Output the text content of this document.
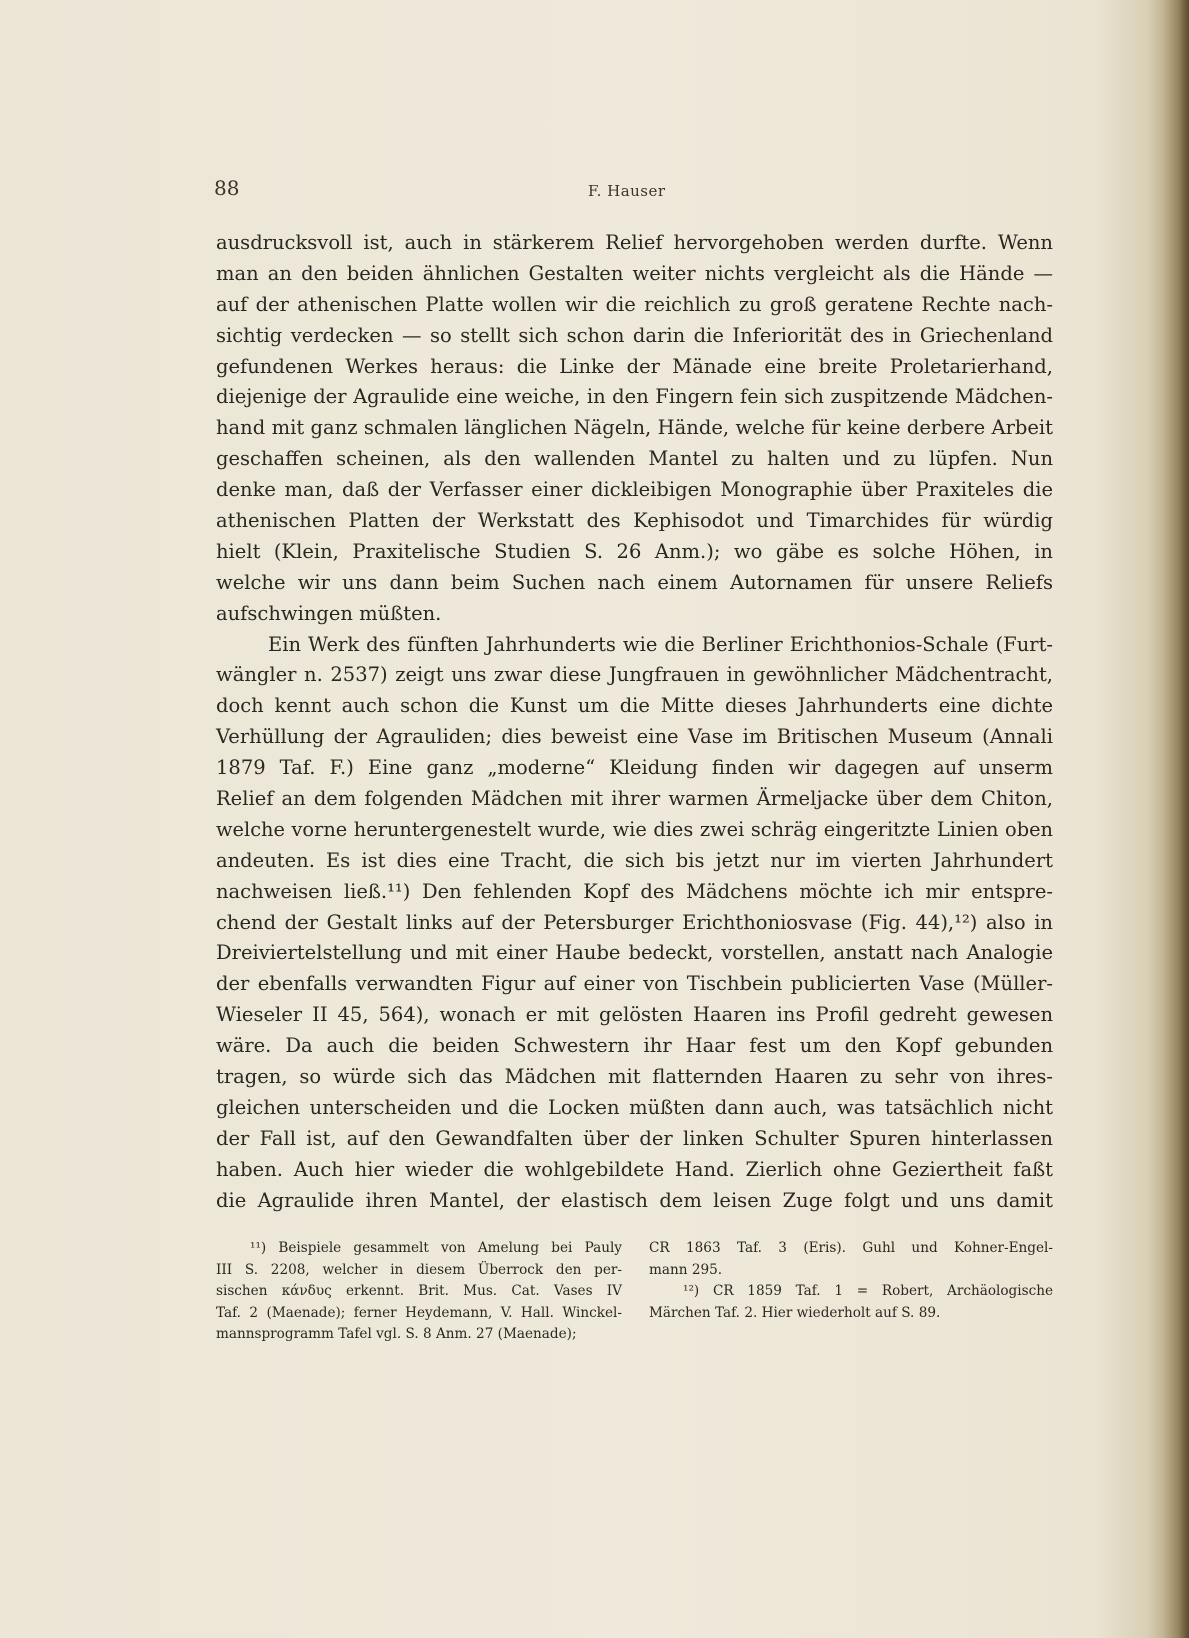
88	F. Hauser
ausdrucksvoll ist, auch in stärkerem Relief hervorgehoben werden durfte. Wenn
man an den beiden ähnlichen Gestalten weiter nichts vergleicht als die Hände —
auf der athenischen Platte wollen wir die reichlich zu groß geratene Rechte nach-
sichtig verdecken — so stellt sich schon darin die Inferiorität des in Griechenland
gefundenen Werkes heraus: die Linke der Mänade eine breite Proletarierhand,
diejenige der Agraulide eine weiche, in den Fingern fein sich zuspitzende Mädchen-
hand mit ganz schmalen länglichen Nägeln, Hände, welche für keine derbere Arbeit
geschaffen scheinen, als den wallenden Mantel zu halten und zu lüpfen. Nun
denke man, daß der Verfasser einer dickleibigen Monographie über Praxiteles die
athenischen Platten der Werkstatt des Kephisodot und Timarchides für würdig
hielt (Klein, Praxitelische Studien S. 26 Anm.); wo gäbe es solche Höhen, in
welche wir uns dann beim Suchen nach einem Autornamen für unsere Reliefs
aufschwingen müßten.
Ein Werk des fünften Jahrhunderts wie die Berliner Erichthonios-Schale (Furt-
wängler n. 2537) zeigt uns zwar diese Jungfrauen in gewöhnlicher Mädchentracht,
doch kennt auch schon die Kunst um die Mitte dieses Jahrhunderts eine dichte
Verhüllung der Agrauliden; dies beweist eine Vase im Britischen Museum (Annali
1879 Taf. F.) Eine ganz „moderne“ Kleidung finden wir dagegen auf unserm
Relief an dem folgenden Mädchen mit ihrer warmen Ärmeljacke über dem Chiton,
welche vorne heruntergenestelt wurde, wie dies zwei schräg eingeritzte Linien oben
andeuten. Es ist dies eine Tracht, die sich bis jetzt nur im vierten Jahrhundert
nachweisen ließ.¹¹) Den fehlenden Kopf des Mädchens möchte ich mir entspre-
chend der Gestalt links auf der Petersburger Erichthoniosvase (Fig. 44),¹²) also in
Dreiviertelstellung und mit einer Haube bedeckt, vorstellen, anstatt nach Analogie
der ebenfalls verwandten Figur auf einer von Tischbein publicierten Vase (Müller-
Wieseler II 45, 564), wonach er mit gelösten Haaren ins Profil gedreht gewesen
wäre. Da auch die beiden Schwestern ihr Haar fest um den Kopf gebunden
tragen, so würde sich das Mädchen mit flatternden Haaren zu sehr von ihres-
gleichen unterscheiden und die Locken müßten dann auch, was tatsächlich nicht
der Fall ist, auf den Gewandfalten über der linken Schulter Spuren hinterlassen
haben. Auch hier wieder die wohlgebildete Hand. Zierlich ohne Geziertheit faßt
die Agraulide ihren Mantel, der elastisch dem leisen Zuge folgt und uns damit
¹¹) Beispiele gesammelt von Amelung bei Pauly
III S. 2208, welcher in diesem Überrock den per-
sischen κάνδυς erkennt. Brit. Mus. Cat. Vases IV
Taf. 2 (Maenade); ferner Heydemann, V. Hall. Winckel-
mannsprogramm Tafel vgl. S. 8 Anm. 27 (Maenade);
CR 1863 Taf. 3 (Eris). Guhl und Kohner-Engel-
mann 295.
¹²) CR 1859 Taf. 1 = Robert, Archäologische
Märchen Taf. 2. Hier wiederholt auf S. 89.
